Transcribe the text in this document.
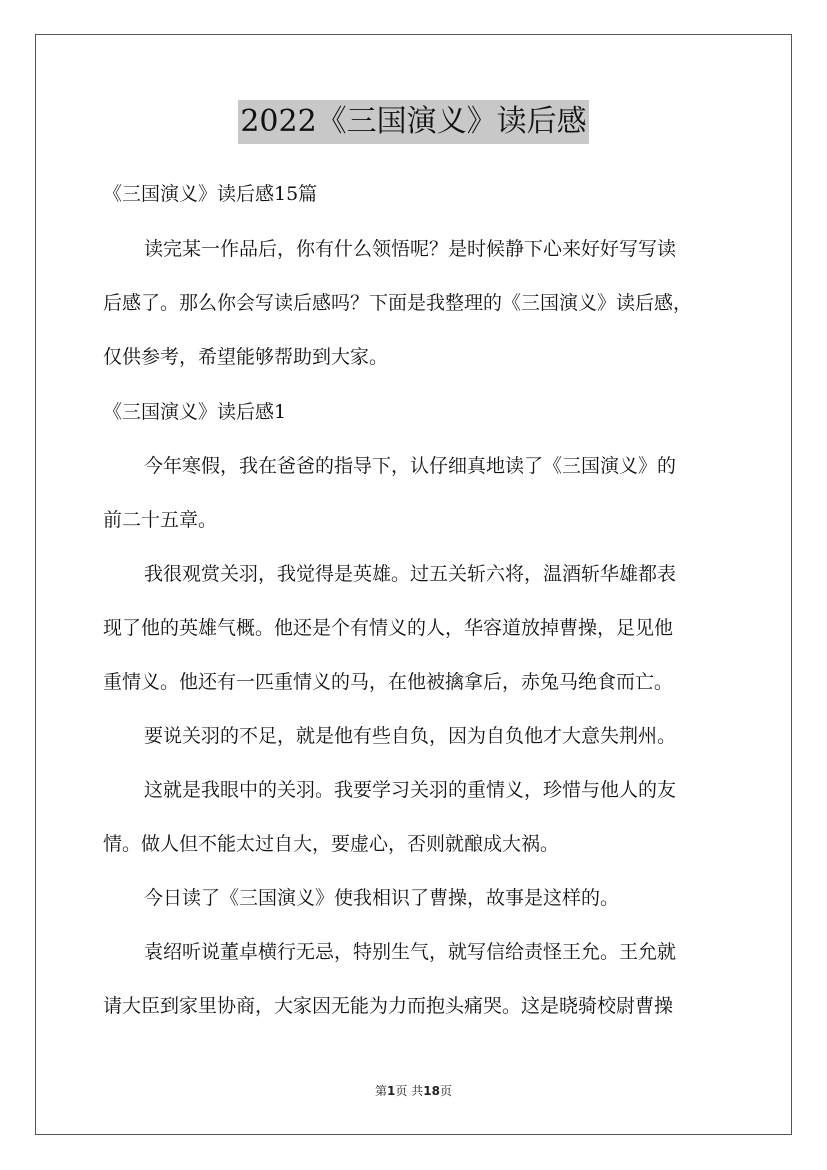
2022《三国演义》读后感
《三国演义》读后感15篇
读完某一作品后，你有什么领悟呢？是时候静下心来好好写写读
后感了。那么你会写读后感吗？下面是我整理的《三国演义》读后感，
仅供参考，希望能够帮助到大家。
《三国演义》读后感1
今年寒假，我在爸爸的指导下，认仔细真地读了《三国演义》的
前二十五章。
我很观赏关羽，我觉得是英雄。过五关斩六将，温酒斩华雄都表
现了他的英雄气概。他还是个有情义的人，华容道放掉曹操，足见他
重情义。他还有一匹重情义的马，在他被擒拿后，赤兔马绝食而亡。
要说关羽的不足，就是他有些自负，因为自负他才大意失荆州。
这就是我眼中的关羽。我要学习关羽的重情义，珍惜与他人的友
情。做人但不能太过自大，要虚心，否则就酿成大祸。
今日读了《三国演义》使我相识了曹操，故事是这样的。
袁绍听说董卓横行无忌，特别生气，就写信给责怪王允。王允就
请大臣到家里协商，大家因无能为力而抱头痛哭。这是晓骑校尉曹操
第1页 共18页
